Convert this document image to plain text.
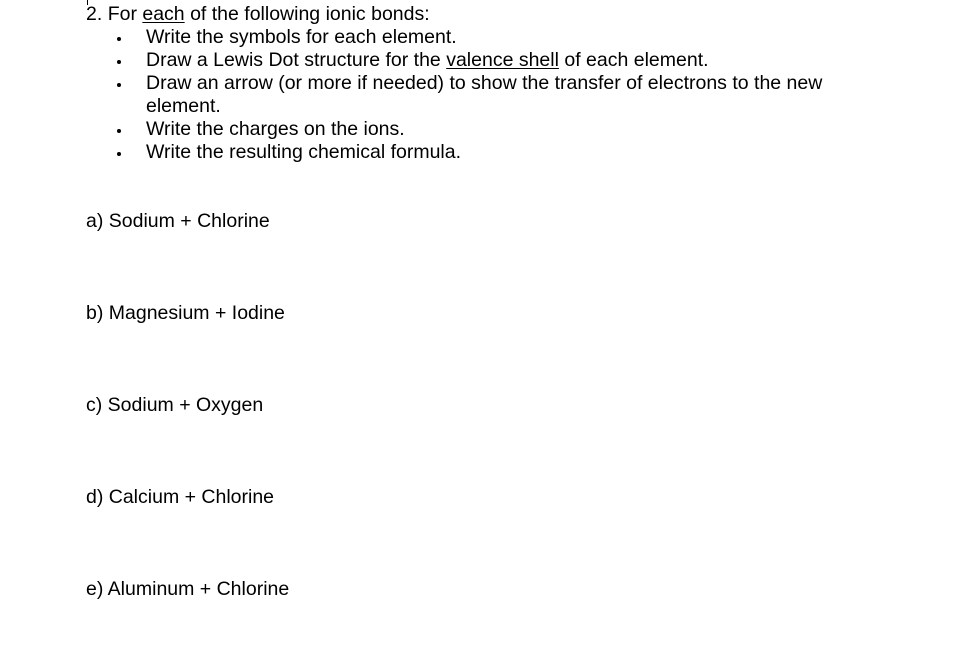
2. For each of the following ionic bonds:
Write the symbols for each element.
Draw a Lewis Dot structure for the valence shell of each element.
Draw an arrow (or more if needed) to show the transfer of electrons to the new element.
Write the charges on the ions.
Write the resulting chemical formula.
a) Sodium + Chlorine
b) Magnesium + Iodine
c) Sodium + Oxygen
d) Calcium + Chlorine
e) Aluminum + Chlorine
